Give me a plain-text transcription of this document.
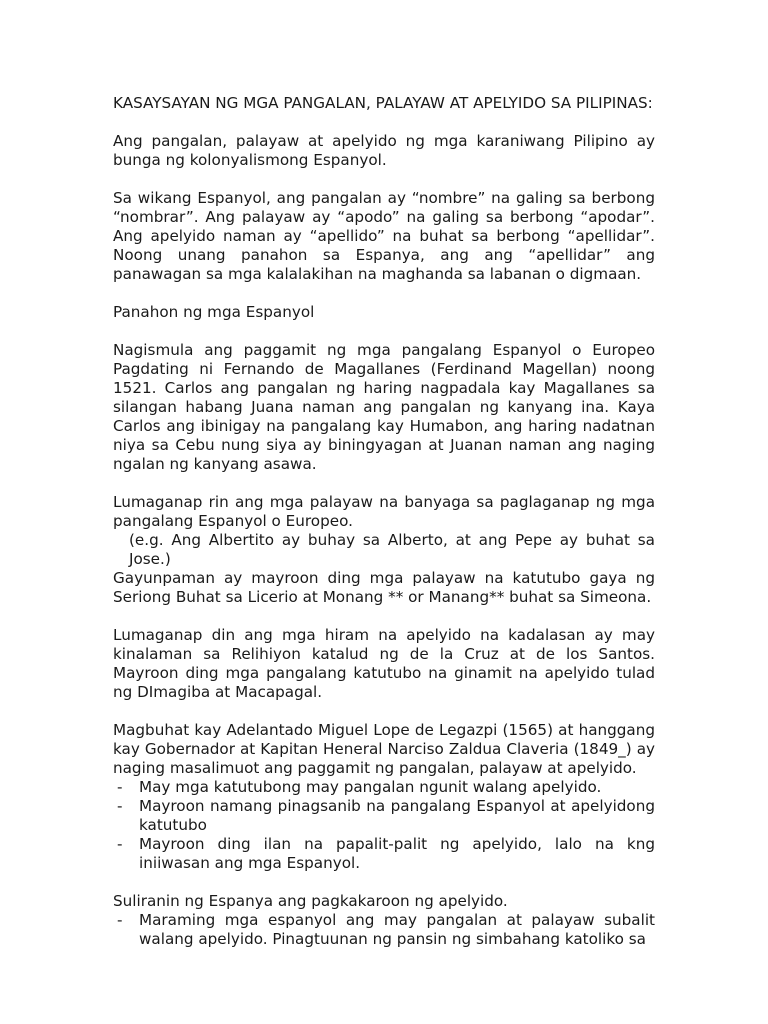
KASAYSAYAN NG MGA PANGALAN, PALAYAW AT APELYIDO SA PILIPINAS:

Ang pangalan, palayaw at apelyido ng mga karaniwang Pilipino ay bunga ng kolonyalismong Espanyol.

Sa wikang Espanyol, ang pangalan ay “nombre” na galing sa berbong “nombrar”. Ang palayaw ay “apodo” na galing sa berbong “apodar”. Ang apelyido naman ay “apellido” na buhat sa berbong “apellidar”. Noong unang panahon sa Espanya, ang ang “apellidar” ang panawagan sa mga kalalakihan na maghanda sa labanan o digmaan.

Panahon ng mga Espanyol

Nagismula ang paggamit ng mga pangalang Espanyol o Europeo Pagdating ni Fernando de Magallanes (Ferdinand Magellan) noong 1521. Carlos ang pangalan ng haring nagpadala kay Magallanes sa silangan habang Juana naman ang pangalan ng kanyang ina. Kaya Carlos ang ibinigay na pangalang kay Humabon, ang haring nadatnan niya sa Cebu nung siya ay biningyagan at Juanan naman ang naging ngalan ng kanyang asawa.

Lumaganap rin ang mga palayaw na banyaga sa paglaganap ng mga pangalang Espanyol o Europeo.

(e.g. Ang Albertito ay buhay sa Alberto, at ang Pepe ay buhat sa Jose.)

Gayunpaman ay mayroon ding mga palayaw na katutubo gaya ng Seriong Buhat sa Licerio at Monang ** or Manang** buhat sa Simeona.

Lumaganap din ang mga hiram na apelyido na kadalasan ay may kinalaman sa Relihiyon katalud ng de la Cruz at de los Santos. Mayroon ding mga pangalang katutubo na ginamit na apelyido tulad ng DImagiba at Macapagal.

Magbuhat kay Adelantado Miguel Lope de Legazpi (1565) at hanggang kay Gobernador at Kapitan Heneral Narciso Zaldua Claveria (1849_) ay naging masalimuot ang paggamit ng pangalan, palayaw at apelyido.

- May mga katutubong may pangalan ngunit walang apelyido.
- Mayroon namang pinagsanib na pangalang Espanyol at apelyidong katutubo
- Mayroon ding ilan na papalit-palit ng apelyido, lalo na kng iniiwasan ang mga Espanyol.

Suliranin ng Espanya ang pagkakaroon ng apelyido.

- Maraming mga espanyol ang may pangalan at palayaw subalit walang apelyido. Pinagtuunan ng pansin ng simbahang katoliko sa
